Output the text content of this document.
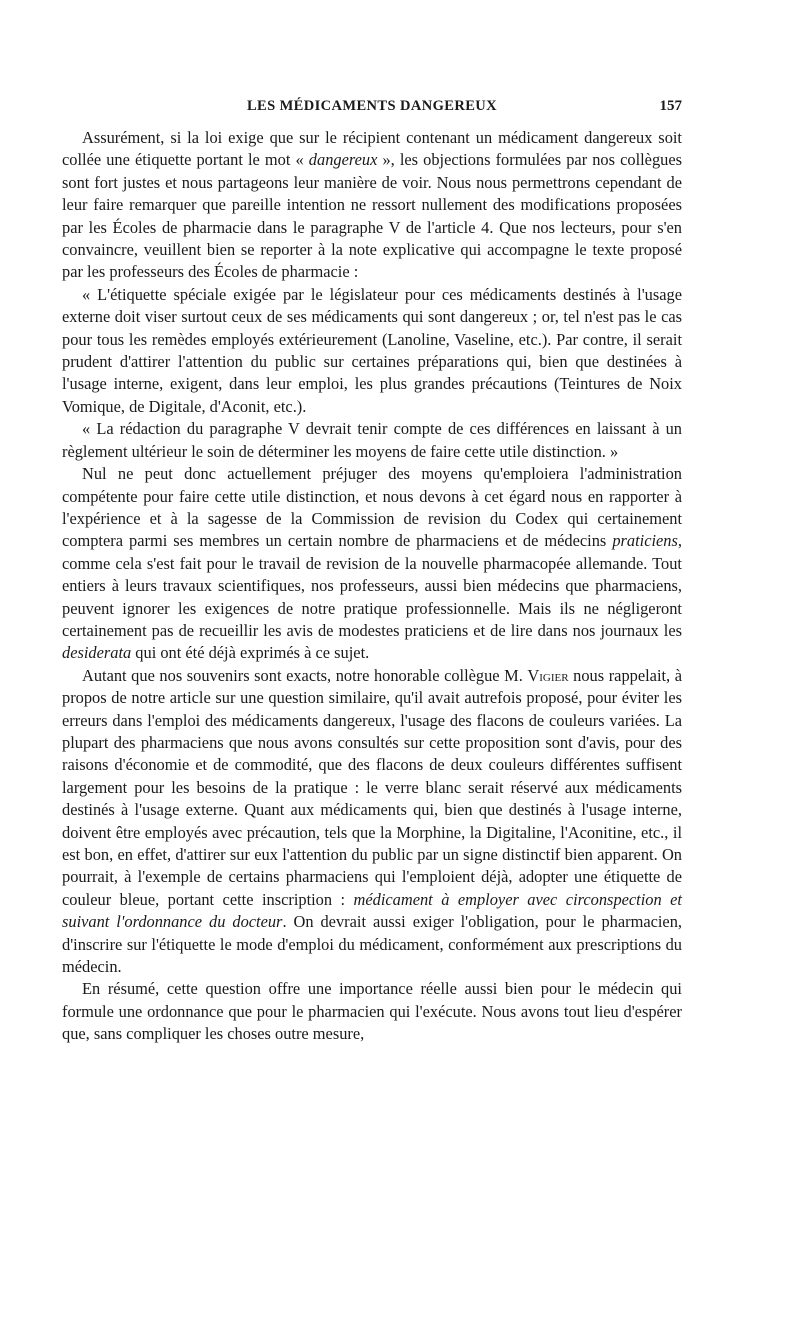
LES MÉDICAMENTS DANGEREUX	157

Assurément, si la loi exige que sur le récipient contenant un médicament dangereux soit collée une étiquette portant le mot « dangereux », les objections formulées par nos collègues sont fort justes et nous partageons leur manière de voir. Nous nous permettrons cependant de leur faire remarquer que pareille intention ne ressort nullement des modifications proposées par les Écoles de pharmacie dans le paragraphe V de l'article 4. Que nos lecteurs, pour s'en convaincre, veuillent bien se reporter à la note explicative qui accompagne le texte proposé par les professeurs des Écoles de pharmacie :

« L'étiquette spéciale exigée par le législateur pour ces médicaments destinés à l'usage externe doit viser surtout ceux de ses médicaments qui sont dangereux ; or, tel n'est pas le cas pour tous les remèdes employés extérieurement (Lanoline, Vaseline, etc.). Par contre, il serait prudent d'attirer l'attention du public sur certaines préparations qui, bien que destinées à l'usage interne, exigent, dans leur emploi, les plus grandes précautions (Teintures de Noix Vomique, de Digitale, d'Aconit, etc.).

« La rédaction du paragraphe V devrait tenir compte de ces différences en laissant à un règlement ultérieur le soin de déterminer les moyens de faire cette utile distinction. »

Nul ne peut donc actuellement préjuger des moyens qu'emploiera l'administration compétente pour faire cette utile distinction, et nous devons à cet égard nous en rapporter à l'expérience et à la sagesse de la Commission de revision du Codex qui certainement comptera parmi ses membres un certain nombre de pharmaciens et de médecins praticiens, comme cela s'est fait pour le travail de revision de la nouvelle pharmacopée allemande. Tout entiers à leurs travaux scientifiques, nos professeurs, aussi bien médecins que pharmaciens, peuvent ignorer les exigences de notre pratique professionnelle. Mais ils ne négligeront certainement pas de recueillir les avis de modestes praticiens et de lire dans nos journaux les desiderata qui ont été déjà exprimés à ce sujet.

Autant que nos souvenirs sont exacts, notre honorable collègue M. Vigier nous rappelait, à propos de notre article sur une question similaire, qu'il avait autrefois proposé, pour éviter les erreurs dans l'emploi des médicaments dangereux, l'usage des flacons de couleurs variées. La plupart des pharmaciens que nous avons consultés sur cette proposition sont d'avis, pour des raisons d'économie et de commodité, que des flacons de deux couleurs différentes suffisent largement pour les besoins de la pratique : le verre blanc serait réservé aux médicaments destinés à l'usage externe. Quant aux médicaments qui, bien que destinés à l'usage interne, doivent être employés avec précaution, tels que la Morphine, la Digitaline, l'Aconitine, etc., il est bon, en effet, d'attirer sur eux l'attention du public par un signe distinctif bien apparent. On pourrait, à l'exemple de certains pharmaciens qui l'emploient déjà, adopter une étiquette de couleur bleue, portant cette inscription : médicament à employer avec circonspection et suivant l'ordonnance du docteur. On devrait aussi exiger l'obligation, pour le pharmacien, d'inscrire sur l'étiquette le mode d'emploi du médicament, conformément aux prescriptions du médecin.

En résumé, cette question offre une importance réelle aussi bien pour le médecin qui formule une ordonnance que pour le pharmacien qui l'exécute. Nous avons tout lieu d'espérer que, sans compliquer les choses outre mesure,
